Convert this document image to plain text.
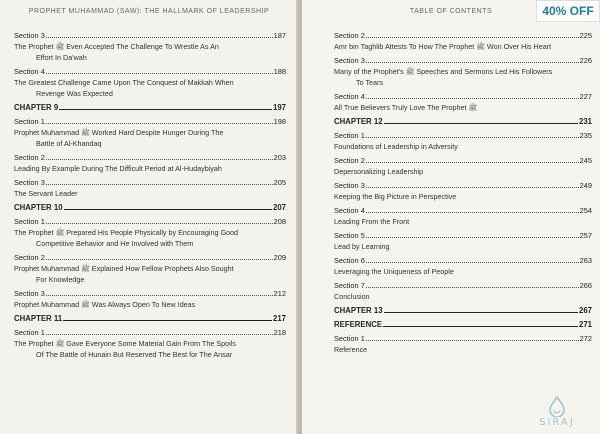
PROPHET MUHAMMAD (SAW): THE HALLMARK OF LEADERSHIP
Section 3	187
The Prophet ﷺ Even Accepted The Challenge To Wrestle As An

Effort In Da'wah
Section 4	188
The Greatest Challenge Came Upon The Conquest of Makkah When

Revenge Was Expected
CHAPTER 9	197
Section 1	198
Prophet Muhammad ﷺ Worked Hard Despite Hunger During The

Battle of Al-Khandaq
Section 2	203
Leading By Example During The Difficult Period at Al-Hudaybiyah
Section 3	205
The Servant Leader
CHAPTER 10	207
Section 1	208
The Prophet ﷺ Prepared His People Physically by Encouraging Good

Competitive Behavior and He Involved with Them
Section 2	209
Prophet Muhammad ﷺ Explained How Fellow Prophets Also Sought

For Knowledge
Section 3	212
Prophet Muhammad ﷺ Was Always Open To New Ideas
CHAPTER 11	217
Section 1	218
The Prophet ﷺ Gave Everyone Some Material Gain From The Spoils

Of The Battle of Hunain But Reserved The Best for The Ansar
TABLE OF CONTENTS
Section 2	225
Amr bin Taghlib Attests To How The Prophet ﷺ Won Over His Heart
Section 3	226
Many of the Prophet's ﷺ Speeches and Sermons Led His Followers

To Tears
Section 4	227
All True Believers Truly Love The Prophet ﷺ
CHAPTER 12	231
Section 1	235
Foundations of Leadership in Adversity
Section 2	245
Depersonalizing Leadership
Section 3	249
Keeping the Big Picture in Perspective
Section 4	254
Leading From the Front
Section 5	257
Lead by Learning
Section 6	263
Leveraging the Uniqueness of People
Section 7	266
Conclusion
CHAPTER 13	267
REFERENCE	271
Section 1	272
Reference
SIRAJ
40% OFF
